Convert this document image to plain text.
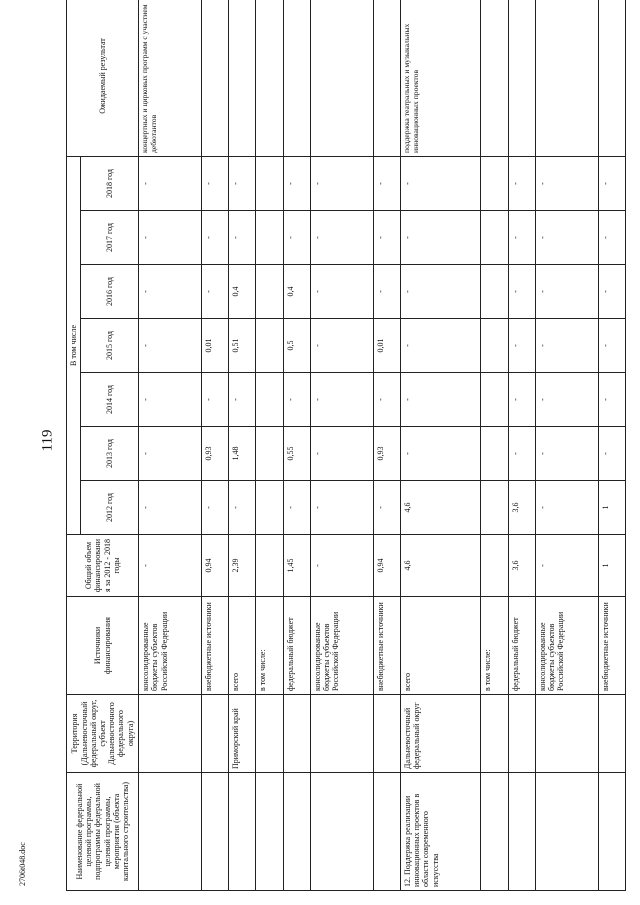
119
Наименование федеральной целевой программы, подпрограммы федеральной целевой программы, мероприятия (объекта капитального строительства)	Территория (Дальневосточный федеральный округ, субъект Дальневосточного федерального округа)	Источники финансирования	Общий объем финансирования за 2012 - 2018 годы	В том числе							Ожидаемый результат
				2012 год	2013 год	2014 год	2015 год	2016 год	2017 год	2018 год	
		консолидированные бюджеты субъектов Российской Федерации	-	-	-	-	-	-	-	-	концертных и цирковых программ с участием дебютантов
		внебюджетные источники	0,94	-	0,93	-	0,01	-	-	-	
	Приморский край	всего	2,39	-	1,48	-	0,51	0,4	-	-	
		в том числе:									
		федеральный бюджет	1,45	-	0,55	-	0,5	0,4	-	-	
		консолидированные бюджеты субъектов Российской Федерации	-	-	-	-	-	-	-	-	
		внебюджетные источники	0,94	-	0,93	-	0,01	-	-	-	
12. Поддержка реализации инновационных проектов в области современного искусства	Дальневосточный федеральный округ	всего	4,6	4,6	-	-	-	-	-	-	поддержка театральных и музыкальных инновационных проектов
		в том числе:									
		федеральный бюджет	3,6	3,6	-	-	-	-	-	-	
		консолидированные бюджеты субъектов Российской Федерации	-	-	-	-	-	-	-	-	
		внебюджетные источники	1	1	-	-	-	-	-	-	
2706t048.doc
